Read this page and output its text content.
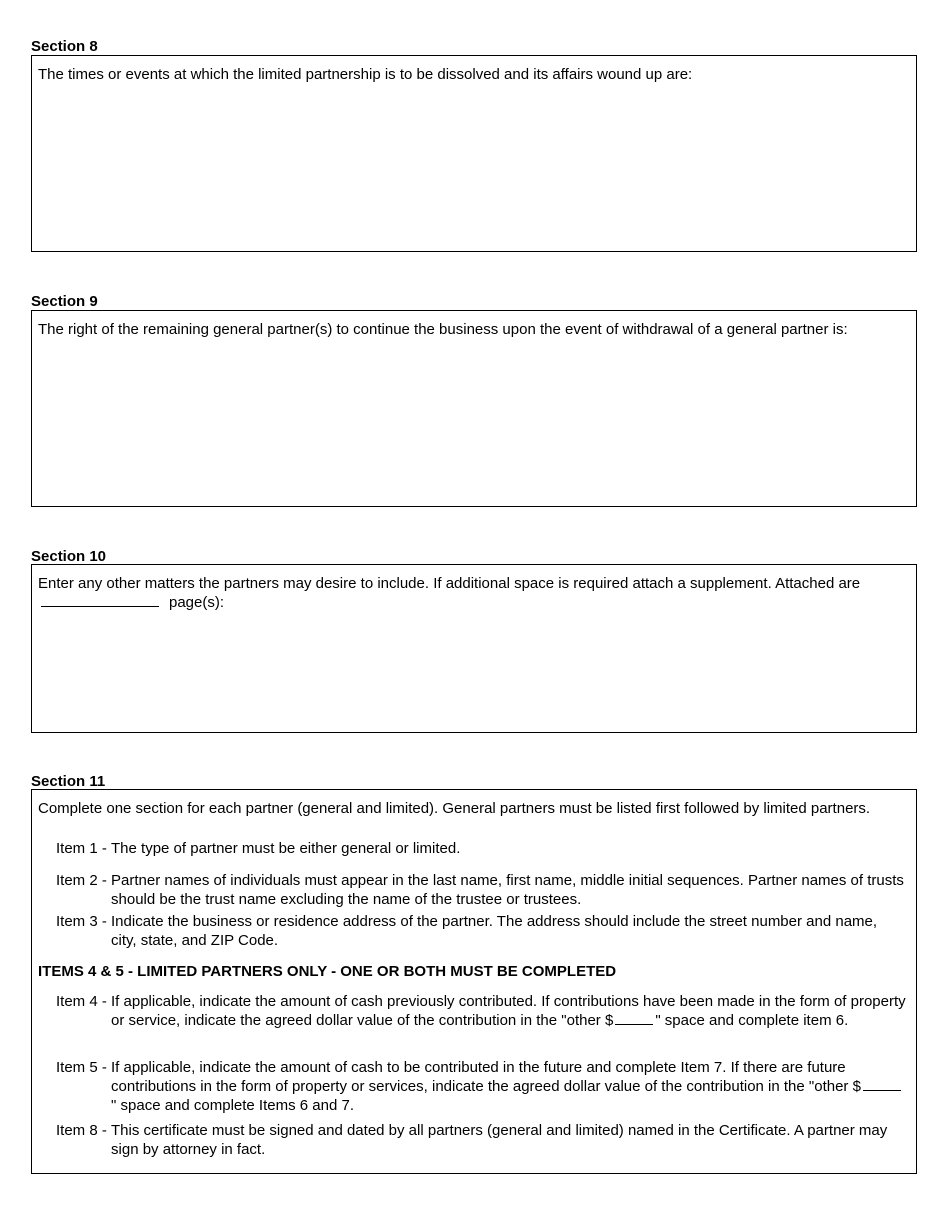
Section 8
The times or events at which the limited partnership is to be dissolved and its affairs wound up are:
Section 9
The right of the remaining general partner(s) to continue the business upon the event of withdrawal of a general partner is:
Section 10
Enter any other matters the partners may desire to include. If additional space is required attach a supplement. Attached are
page(s):
Section 11
Complete one section for each partner (general and limited). General partners must be listed first followed by limited partners.
Item 1 - The type of partner must be either general or limited.
Item 2 - Partner names of individuals must appear in the last name, first name, middle initial sequences. Partner names of trusts should be the trust name excluding the name of the trustee or trustees.
Item 3 - Indicate the business or residence address of the partner. The address should include the street number and name, city, state, and ZIP Code.
ITEMS 4 & 5 - LIMITED PARTNERS ONLY - ONE OR BOTH MUST BE COMPLETED
Item 4 - If applicable, indicate the amount of cash previously contributed. If contributions have been made in the form of property or service, indicate the agreed dollar value of the contribution in the "other $	" space and complete item 6.
Item 5 - If applicable, indicate the amount of cash to be contributed in the future and complete Item 7. If there are future contributions in the form of property or services, indicate the agreed dollar value of the contribution in the "other $" space and complete Items 6 and 7.
Item 8 - This certificate must be signed and dated by all partners (general and limited) named in the Certificate. A partner may sign by attorney in fact.
